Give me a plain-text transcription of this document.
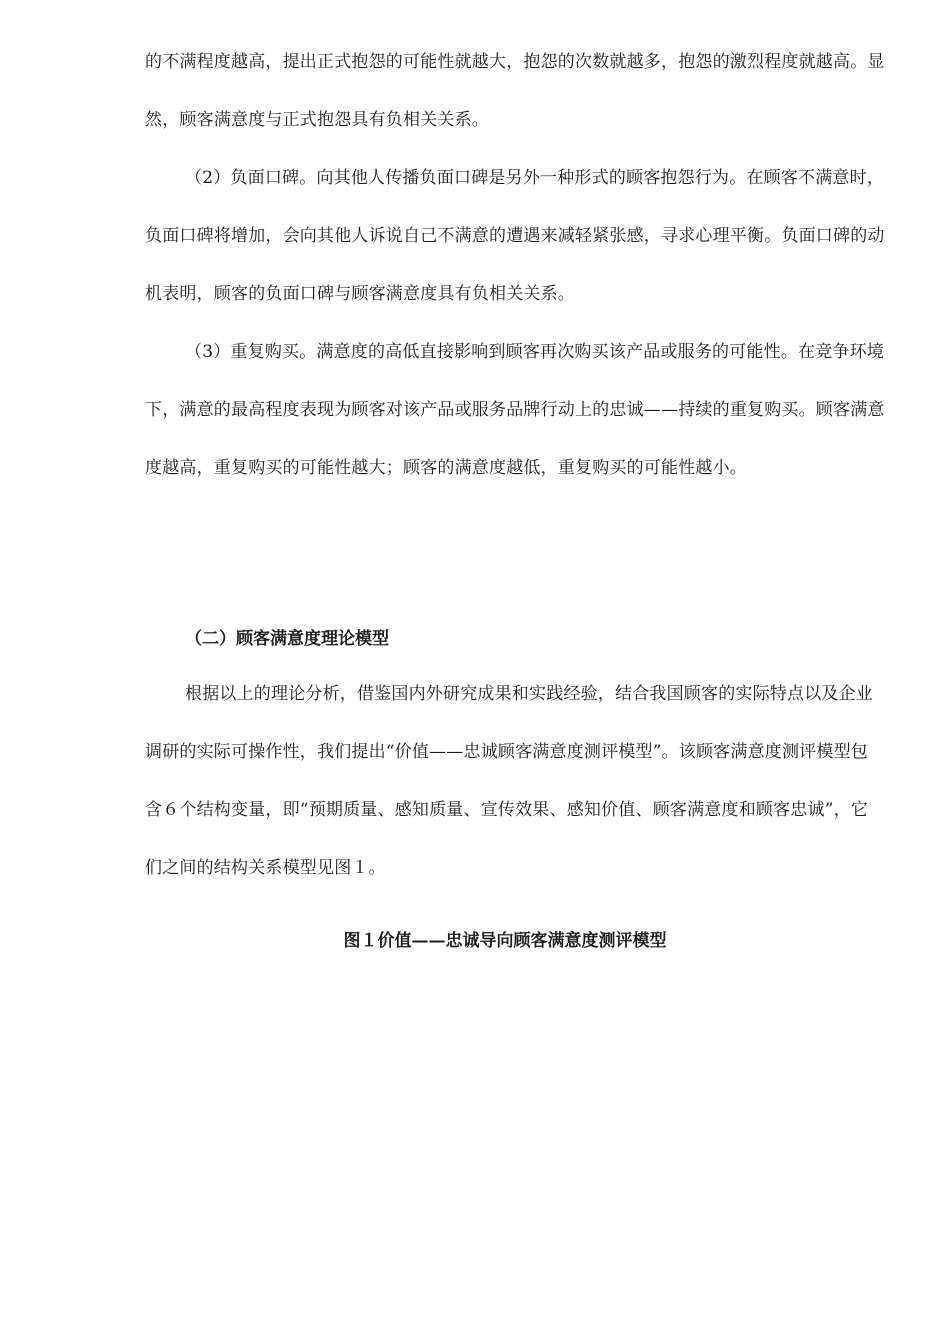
的不满程度越高，提出正式抱怨的可能性就越大，抱怨的次数就越多，抱怨的激烈程度就越高。显然，顾客满意度与正式抱怨具有负相关关系。

（2）负面口碑。向其他人传播负面口碑是另外一种形式的顾客抱怨行为。在顾客不满意时，负面口碑将增加，会向其他人诉说自己不满意的遭遇来减轻紧张感，寻求心理平衡。负面口碑的动机表明，顾客的负面口碑与顾客满意度具有负相关关系。

（3）重复购买。满意度的高低直接影响到顾客再次购买该产品或服务的可能性。在竞争环境下，满意的最高程度表现为顾客对该产品或服务品牌行动上的忠诚——持续的重复购买。顾客满意度越高，重复购买的可能性越大；顾客的满意度越低，重复购买的可能性越小。

（二）顾客满意度理论模型

根据以上的理论分析，借鉴国内外研究成果和实践经验，结合我国顾客的实际特点以及企业调研的实际可操作性，我们提出“价值——忠诚顾客满意度测评模型”。该顾客满意度测评模型包含６个结构变量，即“预期质量、感知质量、宣传效果、感知价值、顾客满意度和顾客忠诚”，它们之间的结构关系模型见图１。

图１价值——忠诚导向顾客满意度测评模型
